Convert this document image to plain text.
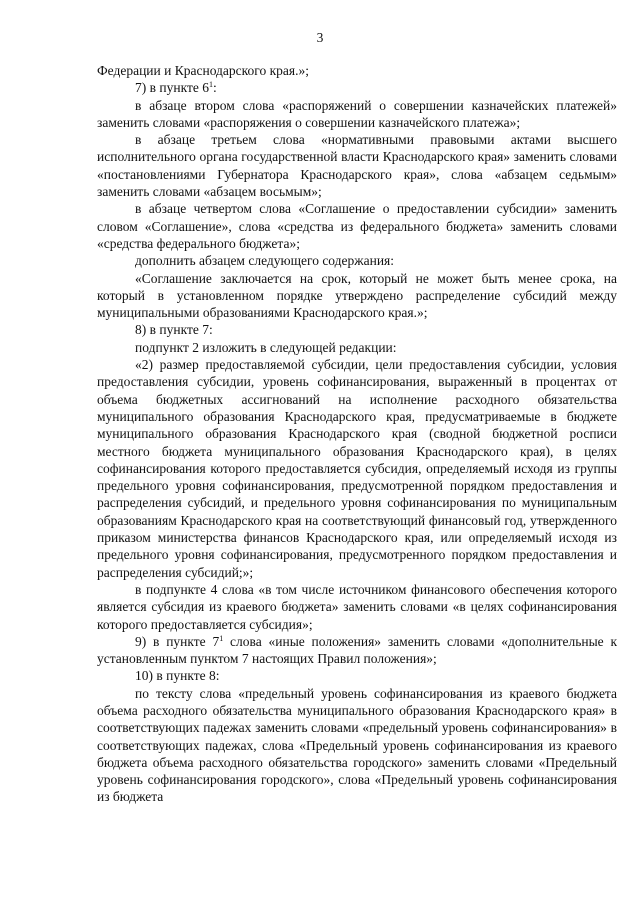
3

Федерации и Краснодарского края.»;

7) в пункте $6^1$:

в абзаце втором слова «распоряжений о совершении казначейских платежей» заменить словами «распоряжения о совершении казначейского платежа»;

в абзаце третьем слова «нормативными правовыми актами высшего исполнительного органа государственной власти Краснодарского края» заменить словами «постановлениями Губернатора Краснодарского края», слова «абзацем седьмым» заменить словами «абзацем восьмым»;

в абзаце четвертом слова «Соглашение о предоставлении субсидии» заменить словом «Соглашение», слова «средства из федерального бюджета» заменить словами «средства федерального бюджета»;

дополнить абзацем следующего содержания:

«Соглашение заключается на срок, который не может быть менее срока, на который в установленном порядке утверждено распределение субсидий между муниципальными образованиями Краснодарского края.»;

8) в пункте 7:

подпункт 2 изложить в следующей редакции:

«2) размер предоставляемой субсидии, цели предоставления субсидии, условия предоставления субсидии, уровень софинансирования, выраженный в процентах от объема бюджетных ассигнований на исполнение расходного обязательства муниципального образования Краснодарского края, предусматриваемые в бюджете муниципального образования Краснодарского края (сводной бюджетной росписи местного бюджета муниципального образования Краснодарского края), в целях софинансирования которого предоставляется субсидия, определяемый исходя из группы предельного уровня софинансирования, предусмотренной порядком предоставления и распределения субсидий, и предельного уровня софинансирования по муниципальным образованиям Краснодарского края на соответствующий финансовый год, утвержденного приказом министерства финансов Краснодарского края, или определяемый исходя из предельного уровня софинансирования, предусмотренного порядком предоставления и распределения субсидий;»;

в подпункте 4 слова «в том числе источником финансового обеспечения которого является субсидия из краевого бюджета» заменить словами «в целях софинансирования которого предоставляется субсидия»;

9) в пункте $7^1$ слова «иные положения» заменить словами «дополнительные к установленным пунктом 7 настоящих Правил положения»;

10) в пункте 8:

по тексту слова «предельный уровень софинансирования из краевого бюджета объема расходного обязательства муниципального образования Краснодарского края» в соответствующих падежах заменить словами «предельный уровень софинансирования» в соответствующих падежах, слова «Предельный уровень софинансирования из краевого бюджета объема расходного обязательства городского» заменить словами «Предельный уровень софинансирования городского», слова «Предельный уровень софинансирования из бюджета
